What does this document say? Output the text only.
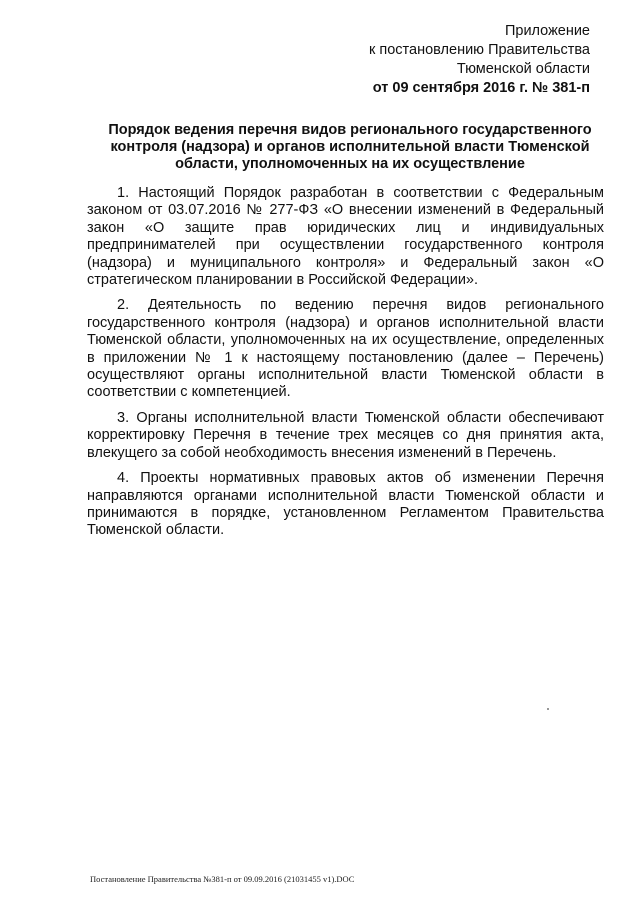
Приложение
к постановлению Правительства
Тюменской области
от 09 сентября 2016 г. № 381-п
Порядок ведения перечня видов регионального государственного контроля (надзора) и органов исполнительной власти Тюменской области, уполномоченных на их осуществление

1. Настоящий Порядок разработан в соответствии с Федеральным законом от 03.07.2016 № 277-ФЗ «О внесении изменений в Федеральный закон «О защите прав юридических лиц и индивидуальных предпринимателей при осуществлении государственного контроля (надзора) и муниципального контроля» и Федеральный закон «О стратегическом планировании в Российской Федерации».

2. Деятельность по ведению перечня видов регионального государственного контроля (надзора) и органов исполнительной власти Тюменской области, уполномоченных на их осуществление, определенных в приложении № 1 к настоящему постановлению (далее – Перечень) осуществляют органы исполнительной власти Тюменской области в соответствии с компетенцией.

3. Органы исполнительной власти Тюменской области обеспечивают корректировку Перечня в течение трех месяцев со дня принятия акта, влекущего за собой необходимость внесения изменений в Перечень.

4. Проекты нормативных правовых актов об изменении Перечня направляются органами исполнительной власти Тюменской области и принимаются в порядке, установленном Регламентом Правительства Тюменской области.

Постановление Правительства №381-п от 09.09.2016 (21031455 v1).DOC
